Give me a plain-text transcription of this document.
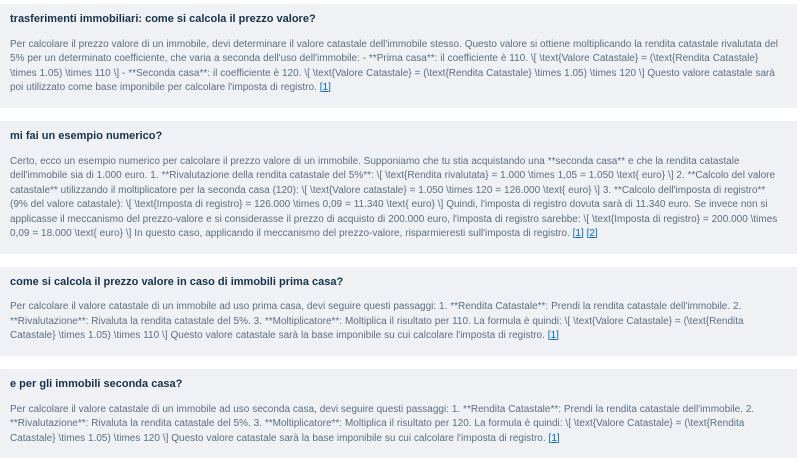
trasferimenti immobiliari: come si calcola il prezzo valore?

Per calcolare il prezzo valore di un immobile, devi determinare il valore catastale dell'immobile stesso. Questo valore si ottiene moltiplicando la rendita catastale rivalutata del 5% per un determinato coefficiente, che varia a seconda dell'uso dell'immobile: - **Prima casa**: il coefficiente è 110. \[ \text{Valore Catastale} = (\text{Rendita Catastale} \times 1.05) \times 110 \] - **Seconda casa**: il coefficiente è 120. \[ \text{Valore Catastale} = (\text{Rendita Catastale} \times 1.05) \times 120 \] Questo valore catastale sarà poi utilizzato come base imponibile per calcolare l'imposta di registro. [1]

mi fai un esempio numerico?

Certo, ecco un esempio numerico per calcolare il prezzo valore di un immobile. Supponiamo che tu stia acquistando una **seconda casa** e che la rendita catastale dell'immobile sia di 1.000 euro. 1. **Rivalutazione della rendita catastale del 5%**: \[ \text{Rendita rivalutata} = 1.000 \times 1,05 = 1.050 \text{ euro} \] 2. **Calcolo del valore catastale** utilizzando il moltiplicatore per la seconda casa (120): \[ \text{Valore catastale} = 1.050 \times 120 = 126.000 \text{ euro} \] 3. **Calcolo dell'imposta di registro** (9% del valore catastale): \[ \text{Imposta di registro} = 126.000 \times 0,09 = 11.340 \text{ euro} \] Quindi, l'imposta di registro dovuta sarà di 11.340 euro. Se invece non si applicasse il meccanismo del prezzo-valore e si considerasse il prezzo di acquisto di 200.000 euro, l'imposta di registro sarebbe: \[ \text{Imposta di registro} = 200.000 \times 0,09 = 18.000 \text{ euro} \] In questo caso, applicando il meccanismo del prezzo-valore, risparmieresti sull'imposta di registro. [1] [2]

come si calcola il prezzo valore in caso di immobili prima casa?

Per calcolare il valore catastale di un immobile ad uso prima casa, devi seguire questi passaggi: 1. **Rendita Catastale**: Prendi la rendita catastale dell'immobile. 2. **Rivalutazione**: Rivaluta la rendita catastale del 5%. 3. **Moltiplicatore**: Moltiplica il risultato per 110. La formula è quindi: \[ \text{Valore Catastale} = (\text{Rendita Catastale} \times 1.05) \times 110 \] Questo valore catastale sarà la base imponibile su cui calcolare l'imposta di registro. [1]

e per gli immobili seconda casa?

Per calcolare il valore catastale di un immobile ad uso seconda casa, devi seguire questi passaggi: 1. **Rendita Catastale**: Prendi la rendita catastale dell'immobile. 2. **Rivalutazione**: Rivaluta la rendita catastale del 5%. 3. **Moltiplicatore**: Moltiplica il risultato per 120. La formula è quindi: \[ \text{Valore Catastale} = (\text{Rendita Catastale} \times 1.05) \times 120 \] Questo valore catastale sarà la base imponibile su cui calcolare l'imposta di registro. [1]
